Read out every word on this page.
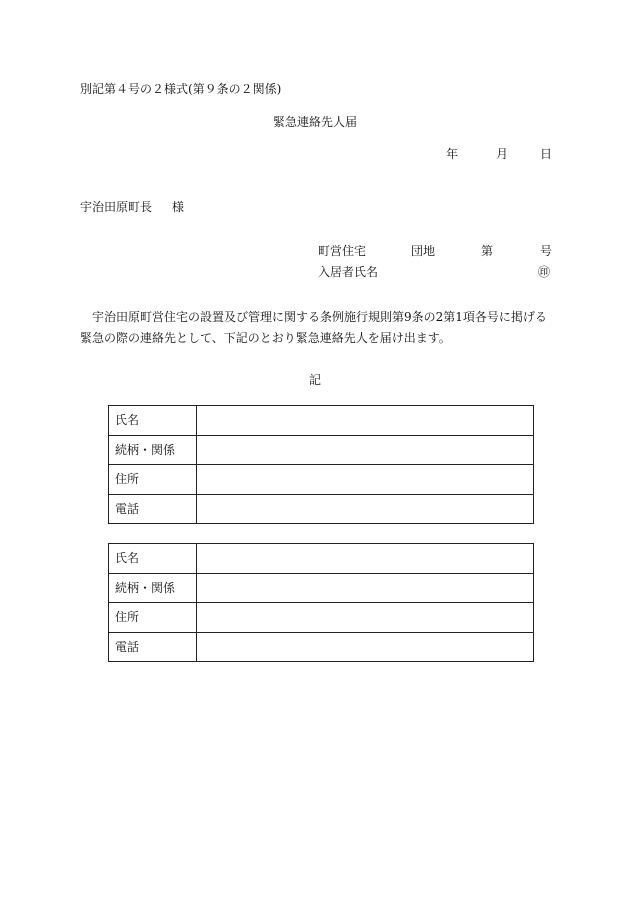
別記第４号の２様式(第９条の２関係)
緊急連絡先人届
年	月	日
宇治田原町長 様
町営住宅	団地	第	号
入居者氏名	㊞
宇治田原町営住宅の設置及び管理に関する条例施行規則第9条の2第1項各号に掲げる緊急の際の連絡先として、下記のとおり緊急連絡先人を届け出ます。
記
氏名	
続柄・関係	
住所	
電話	
氏名	
続柄・関係	
住所	
電話	
